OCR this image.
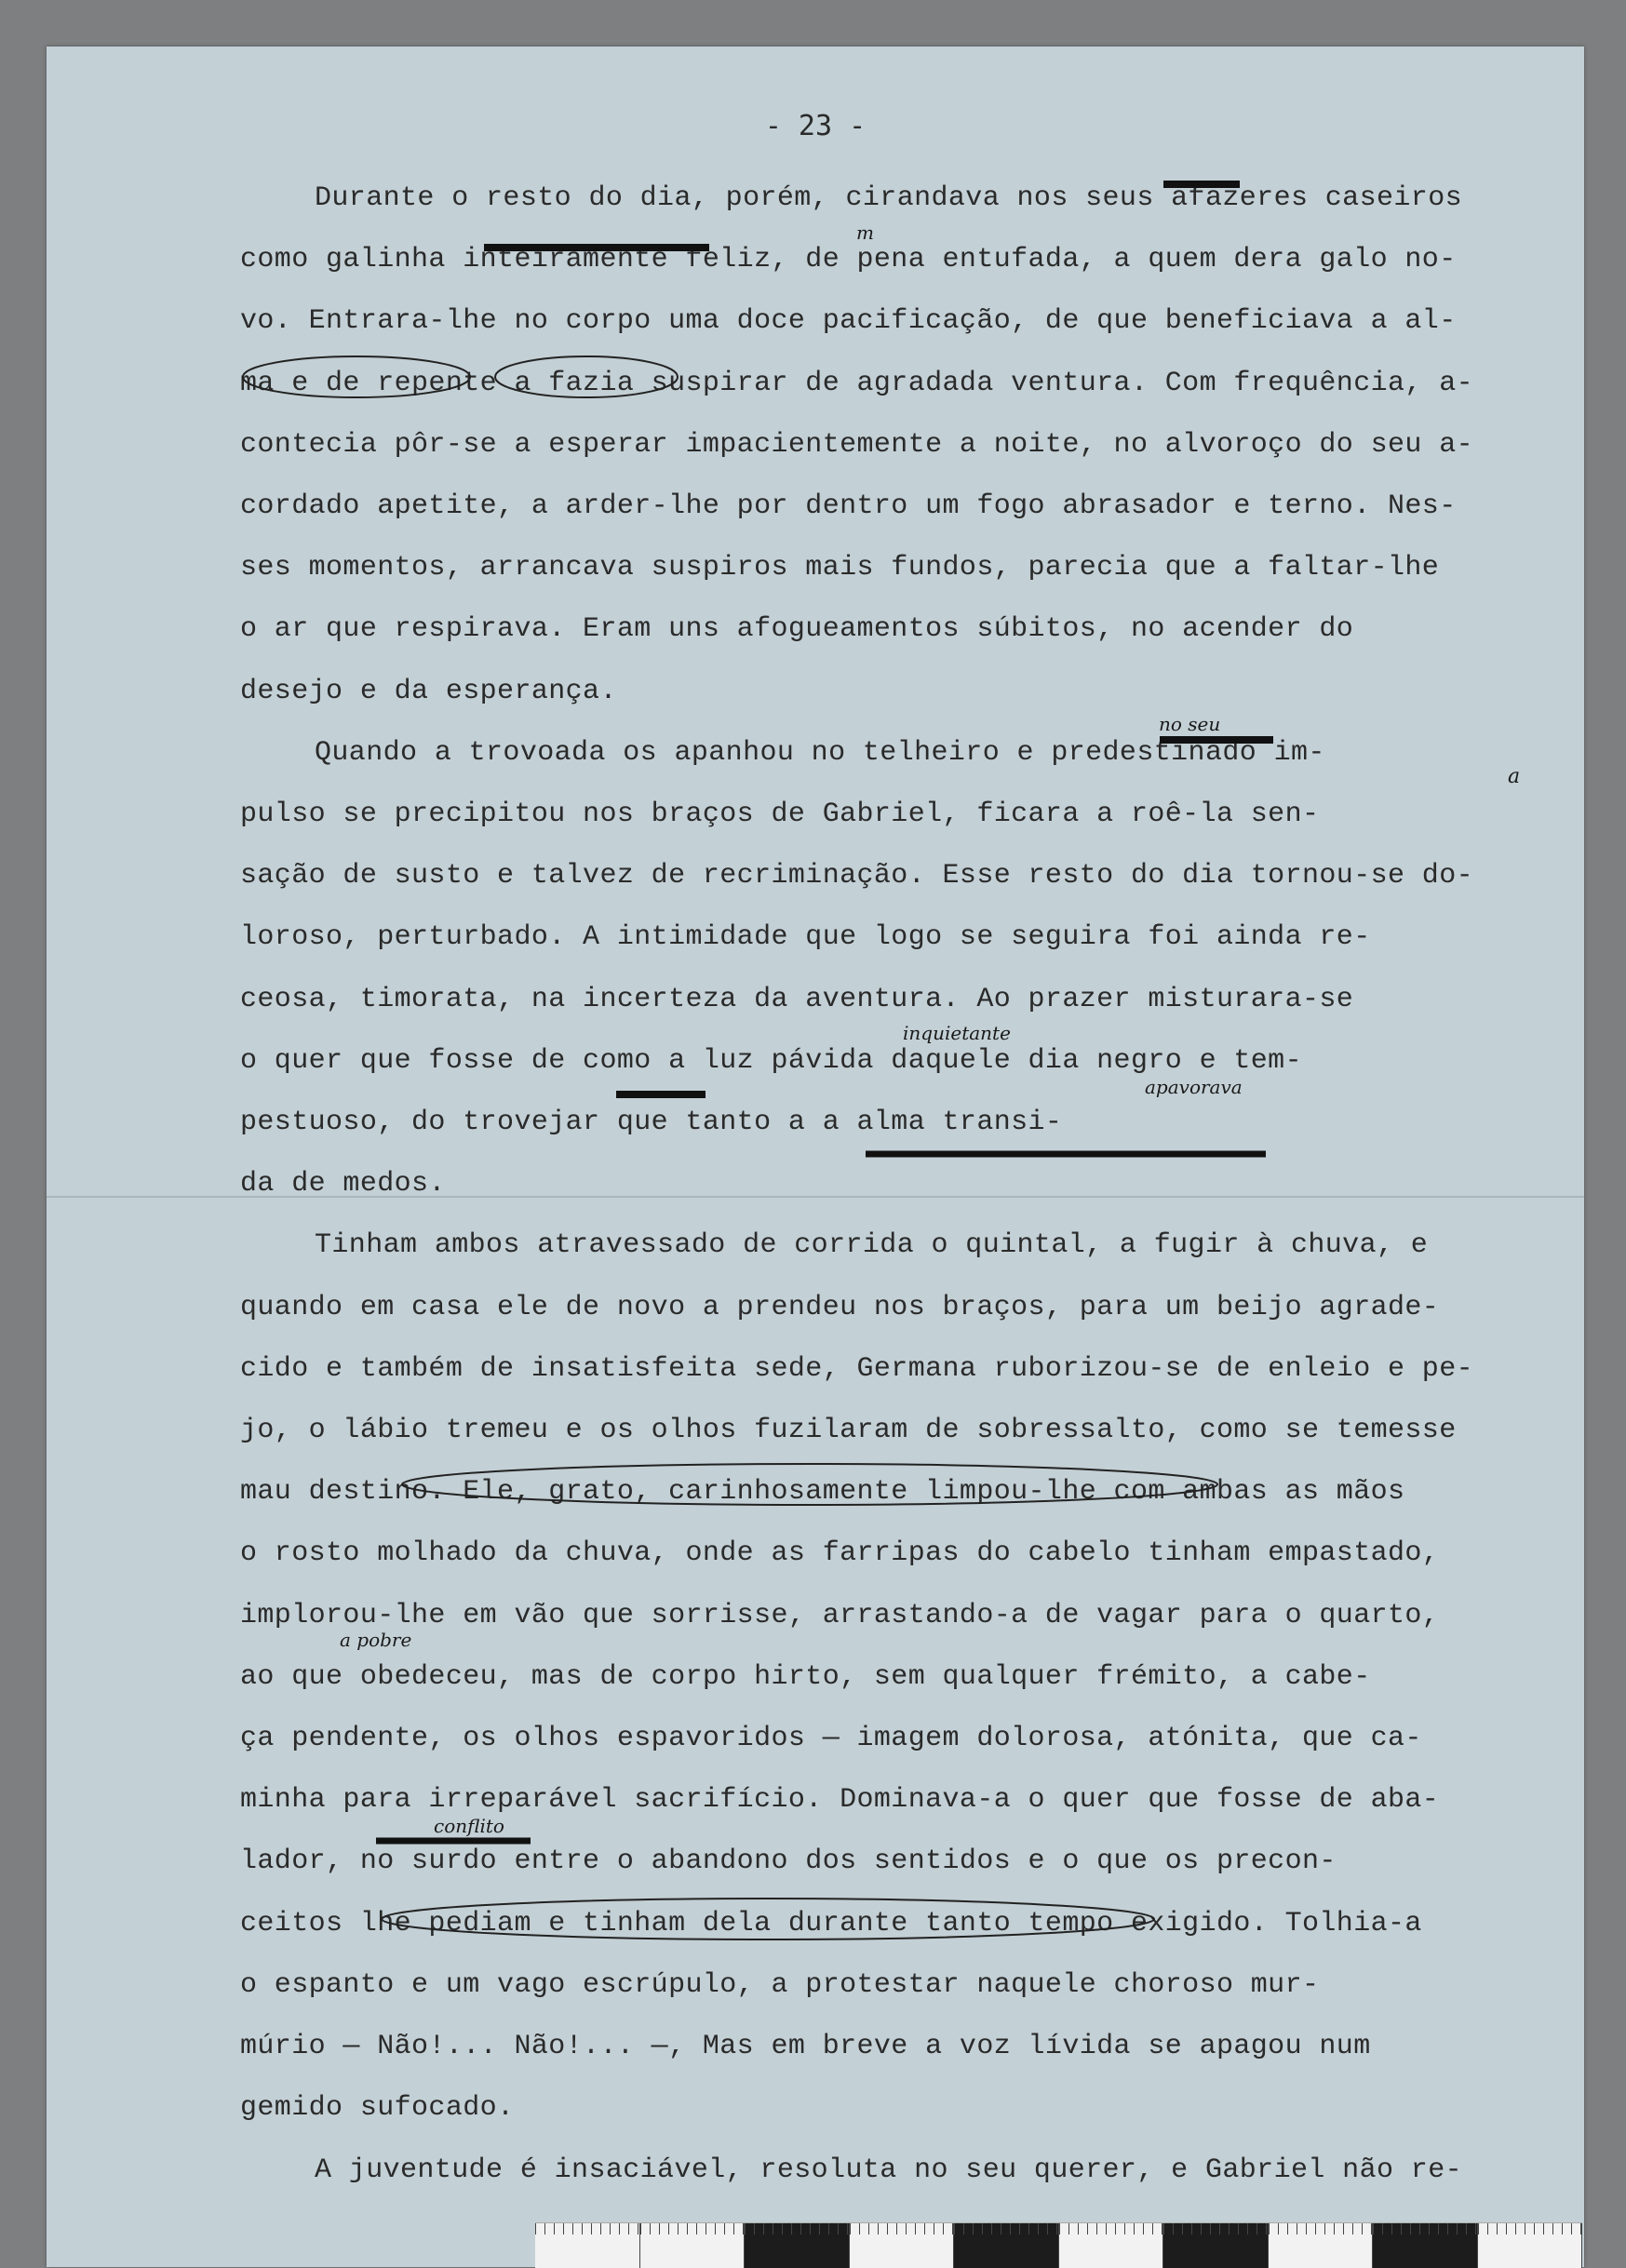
- 23 -
Durante o resto do dia, porém, cirandava nos seus afazeres caseiros
como galinha inteiramente feliz, de pena entufada, a quem dera galo no-
vo. Entrara-lhe no corpo uma doce pacificação, de que beneficiava a al-
ma e de repente a fazia suspirar de agradada ventura. Com frequência, a-
contecia pôr-se a esperar impacientemente a noite, no alvoroço do seu a-
cordado apetite, a arder-lhe por dentro um fogo abrasador e terno. Nes-
ses momentos, arrancava suspiros mais fundos, parecia que a faltar-lhe
o ar que respirava. Eram uns afogueamentos súbitos, no acender do
desejo e da esperança.
Quando a trovoada os apanhou no telheiro e predestinado im-
pulso se precipitou nos braços de Gabriel, ficara a roê-la sen-
sação de susto e talvez de recriminação. Esse resto do dia tornou-se do-
loroso, perturbado. A intimidade que logo se seguira foi ainda re-
ceosa, timorata, na incerteza da aventura. Ao prazer misturara-se
o quer que fosse de como a luz pávida daquele dia negro e tem-
pestuoso, do trovejar que tanto a a alma transi-
da de medos.
Tinham ambos atravessado de corrida o quintal, a fugir à chuva, e
quando em casa ele de novo a prendeu nos braços, para um beijo agrade-
cido e também de insatisfeita sede, Germana ruborizou-se de enleio e pe-
jo, o lábio tremeu e os olhos fuzilaram de sobressalto, como se temesse
mau destino. Ele, grato, carinhosamente limpou-lhe com ambas as mãos
o rosto molhado da chuva, onde as farripas do cabelo tinham empastado,
implorou-lhe em vão que sorrisse, arrastando-a de vagar para o quarto,
ao que obedeceu, mas de corpo hirto, sem qualquer frémito, a cabe-
ça pendente, os olhos espavoridos — imagem dolorosa, atónita, que ca-
minha para irreparável sacrifício. Dominava-a o quer que fosse de aba-
lador, no surdo entre o abandono dos sentidos e o que os precon-
ceitos lhe pediam e tinham dela durante tanto tempo exigido. Tolhia-a
o espanto e um vago escrúpulo, a protestar naquele choroso mur-
múrio — Não!... Não!... —, Mas em breve a voz lívida se apagou num
gemido sufocado.
A juventude é insaciável, resoluta no seu querer, e Gabriel não re-
m
no seu
a
inquietante
apavorava
a pobre
conflito
